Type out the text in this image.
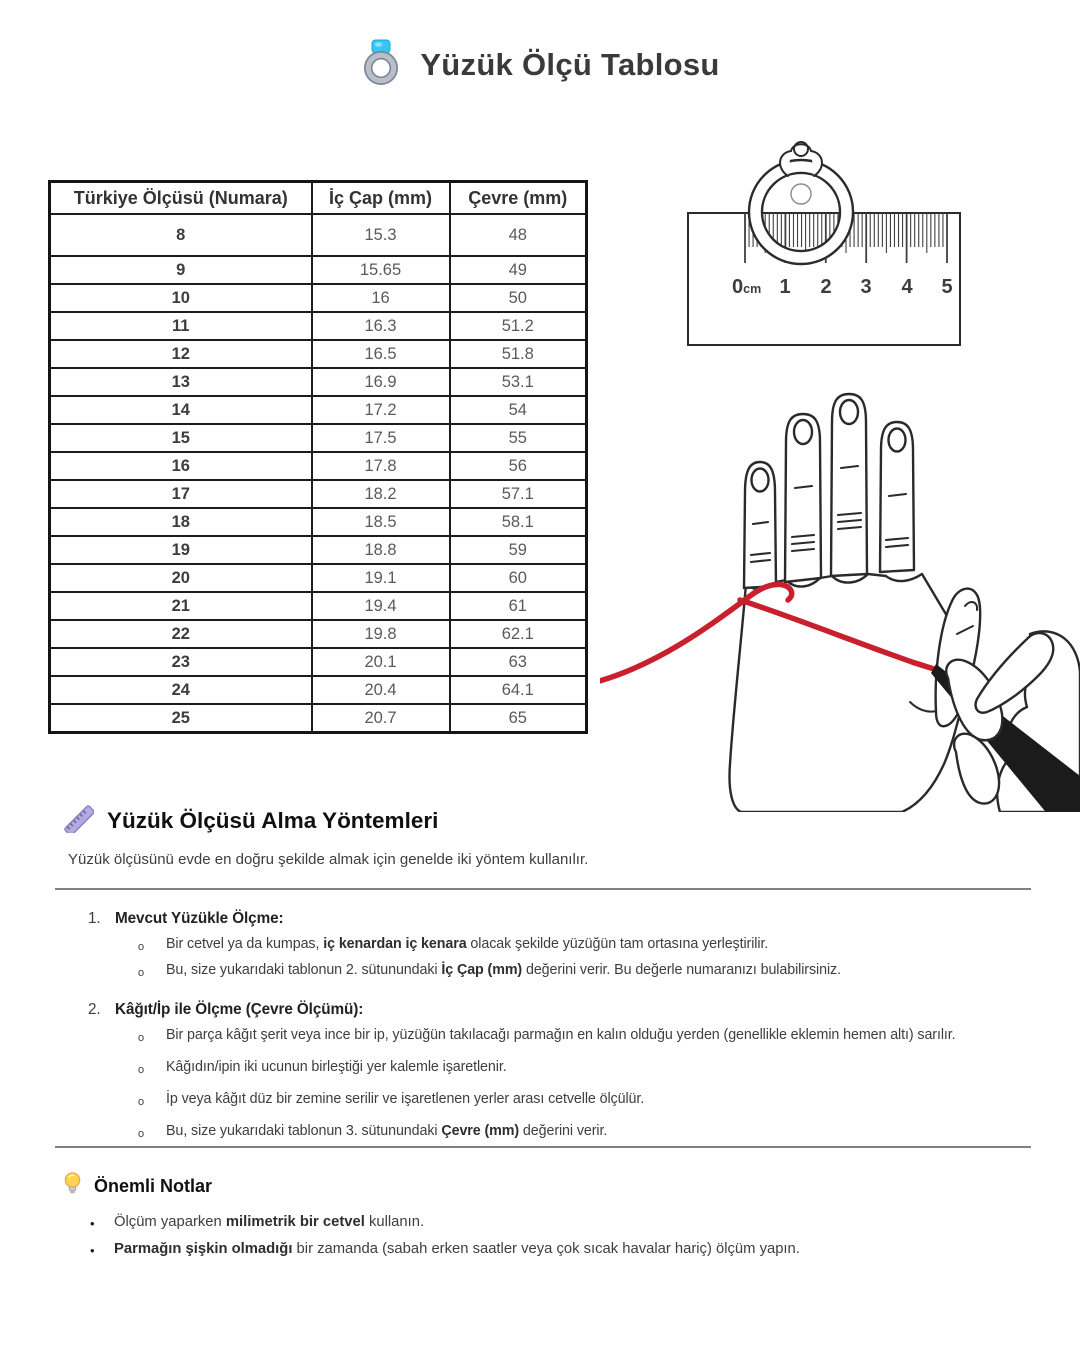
Yüzük Ölçü Tablosu
Türkiye Ölçüsü (Numara)	İç Çap (mm)	Çevre (mm)
8	15.3	48
9	15.65	49
10	16	50
11	16.3	51.2
12	16.5	51.8
13	16.9	53.1
14	17.2	54
15	17.5	55
16	17.8	56
17	18.2	57.1
18	18.5	58.1
19	18.8	59
20	19.1	60
21	19.4	61
22	19.8	62.1
23	20.1	63
24	20.4	64.1
25	20.7	65
0cm 1 2 3 4 5
Yüzük Ölçüsü Alma Yöntemleri
Yüzük ölçüsünü evde en doğru şekilde almak için genelde iki yöntem kullanılır.
1. Mevcut Yüzükle Ölçme:
o	Bir cetvel ya da kumpas, iç kenardan iç kenara olacak şekilde yüzüğün tam ortasına yerleştirilir.
o	Bu, size yukarıdaki tablonun 2. sütunundaki İç Çap (mm) değerini verir. Bu değerle numaranızı bulabilirsiniz.
2. Kâğıt/İp ile Ölçme (Çevre Ölçümü):
o	Bir parça kâğıt şerit veya ince bir ip, yüzüğün takılacağı parmağın en kalın olduğu yerden (genellikle eklemin hemen altı) sarılır.
o	Kâğıdın/ipin iki ucunun birleştiği yer kalemle işaretlenir.
o	İp veya kâğıt düz bir zemine serilir ve işaretlenen yerler arası cetvelle ölçülür.
o	Bu, size yukarıdaki tablonun 3. sütunundaki Çevre (mm) değerini verir.
Önemli Notlar
•	Ölçüm yaparken milimetrik bir cetvel kullanın.
•	Parmağın şişkin olmadığı bir zamanda (sabah erken saatler veya çok sıcak havalar hariç) ölçüm yapın.
